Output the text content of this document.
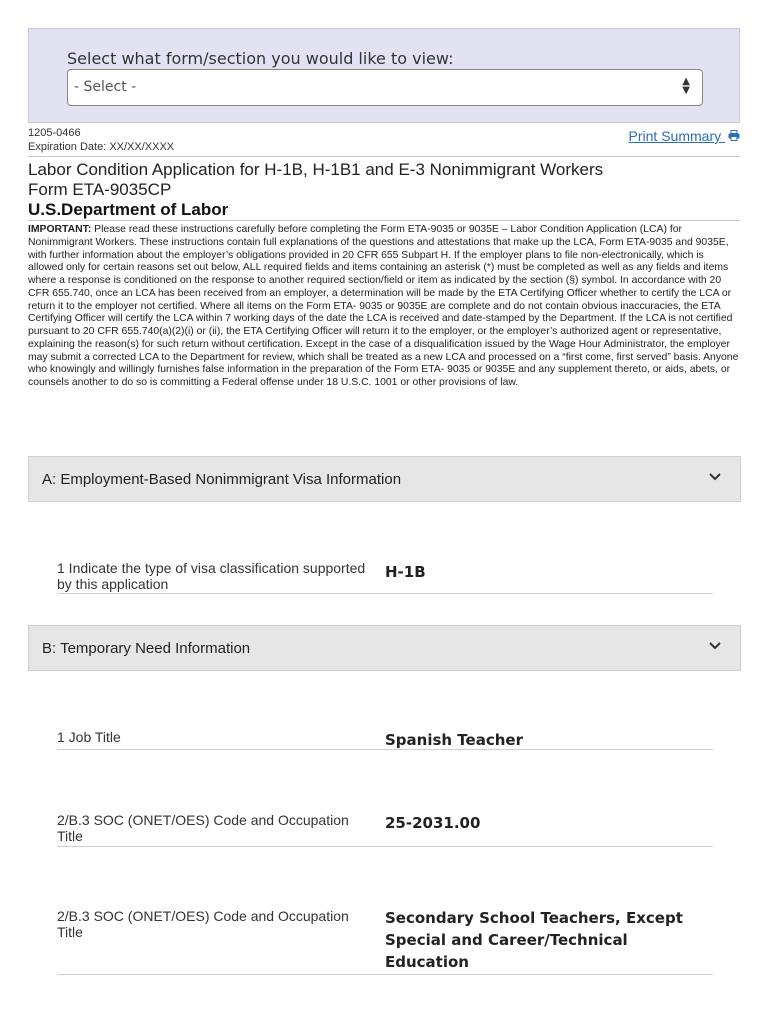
Select what form/section you would like to view:
- Select -	▲
▼
1205-0466
Expiration Date: XX/XX/XXXX
Print Summary
Labor Condition Application for H-1B, H-1B1 and E-3 Nonimmigrant Workers
Form ETA-9035CP
U.S.Department of Labor
IMPORTANT: Please read these instructions carefully before completing the Form ETA-9035 or 9035E – Labor Condition Application (LCA) for Nonimmigrant Workers. These instructions contain full explanations of the questions and attestations that make up the LCA, Form ETA-9035 and 9035E, with further information about the employer’s obligations provided in 20 CFR 655 Subpart H. If the employer plans to file non-electronically, which is allowed only for certain reasons set out below, ALL required fields and items containing an asterisk (*) must be completed as well as any fields and items where a response is conditioned on the response to another required section/field or item as indicated by the section (§) symbol. In accordance with 20 CFR 655.740, once an LCA has been received from an employer, a determination will be made by the ETA Certifying Officer whether to certify the LCA or return it to the employer not certified. Where all items on the Form ETA- 9035 or 9035E are complete and do not contain obvious inaccuracies, the ETA Certifying Officer will certify the LCA within 7 working days of the date the LCA is received and date-stamped by the Department. If the LCA is not certified pursuant to 20 CFR 655.740(a)(2)(i) or (ii), the ETA Certifying Officer will return it to the employer, or the employer’s authorized agent or representative, explaining the reason(s) for such return without certification. Except in the case of a disqualification issued by the Wage Hour Administrator, the employer may submit a corrected LCA to the Department for review, which shall be treated as a new LCA and processed on a “first come, first served” basis. Anyone who knowingly and willingly furnishes false information in the preparation of the Form ETA- 9035 or 9035E and any supplement thereto, or aids, abets, or counsels another to do so is committing a Federal offense under 18 U.S.C. 1001 or other provisions of law.
A: Employment-Based Nonimmigrant Visa Information
1 Indicate the type of visa classification supported by this application
H-1B
B: Temporary Need Information
1 Job Title	Spanish Teacher
2/B.3 SOC (ONET/OES) Code and Occupation Title
25-2031.00
2/B.3 SOC (ONET/OES) Code and Occupation Title
Secondary School Teachers, Except Special and Career/Technical Education
